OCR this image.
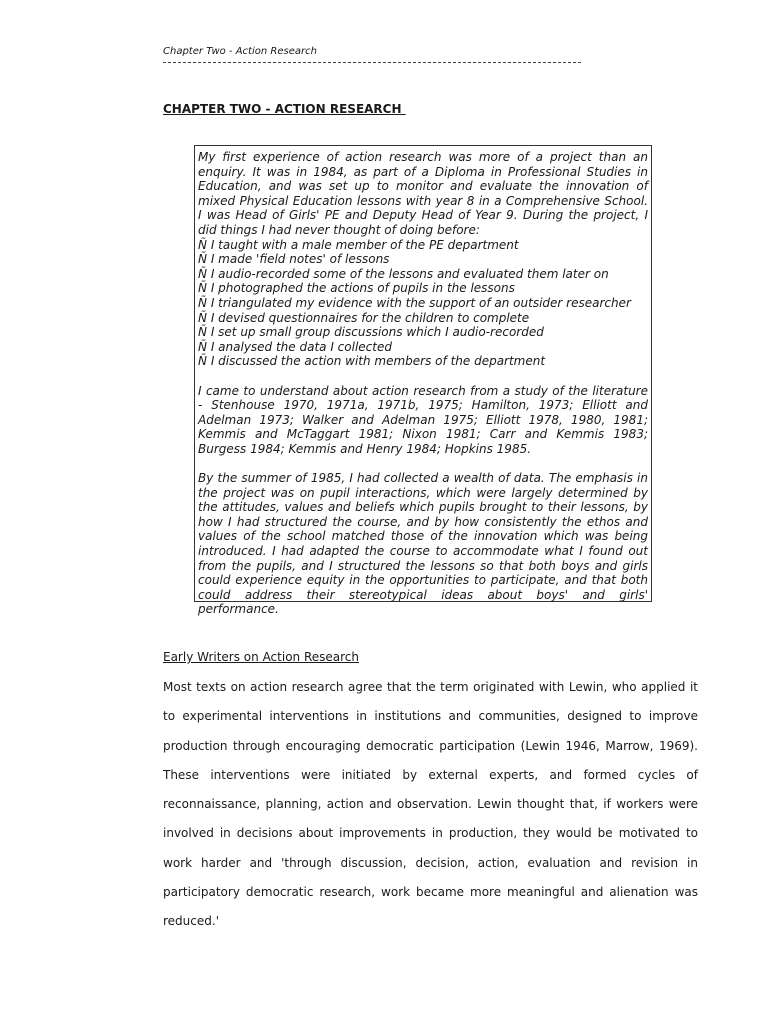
Chapter Two - Action Research
CHAPTER TWO - ACTION RESEARCH

My first experience of action research was more of a project than an enquiry. It was in 1984, as part of a Diploma in Professional Studies in Education, and was set up to monitor and evaluate the innovation of mixed Physical Education lessons with year 8 in a Comprehensive School. I was Head of Girls' PE and Deputy Head of Year 9. During the project, I did things I had never thought of doing before:

Ñ I taught with a male member of the PE department
Ñ I made 'field notes' of lessons
Ñ I audio-recorded some of the lessons and evaluated them later on
Ñ I photographed the actions of pupils in the lessons
Ñ I triangulated my evidence with the support of an outsider researcher
Ñ I devised questionnaires for the children to complete
Ñ I set up small group discussions which I audio-recorded
Ñ I analysed the data I collected
Ñ I discussed the action with members of the department

I came to understand about action research from a study of the literature - Stenhouse 1970, 1971a, 1971b, 1975; Hamilton, 1973; Elliott and Adelman 1973; Walker and Adelman 1975; Elliott 1978, 1980, 1981; Kemmis and McTaggart 1981; Nixon 1981; Carr and Kemmis 1983; Burgess 1984; Kemmis and Henry 1984; Hopkins 1985.

By the summer of 1985, I had collected a wealth of data. The emphasis in the project was on pupil interactions, which were largely determined by the attitudes, values and beliefs which pupils brought to their lessons, by how I had structured the course, and by how consistently the ethos and values of the school matched those of the innovation which was being introduced. I had adapted the course to accommodate what I found out from the pupils, and I structured the lessons so that both boys and girls could experience equity in the opportunities to participate, and that both could address their stereotypical ideas about boys' and girls' performance.

Early Writers on Action Research

Most texts on action research agree that the term originated with Lewin, who applied it to experimental interventions in institutions and communities, designed to improve production through encouraging democratic participation (Lewin 1946, Marrow, 1969). These interventions were initiated by external experts, and formed cycles of reconnaissance, planning, action and observation. Lewin thought that, if workers were involved in decisions about improvements in production, they would be motivated to work harder and 'through discussion, decision, action, evaluation and revision in participatory democratic research, work became more meaningful and alienation was reduced.'
